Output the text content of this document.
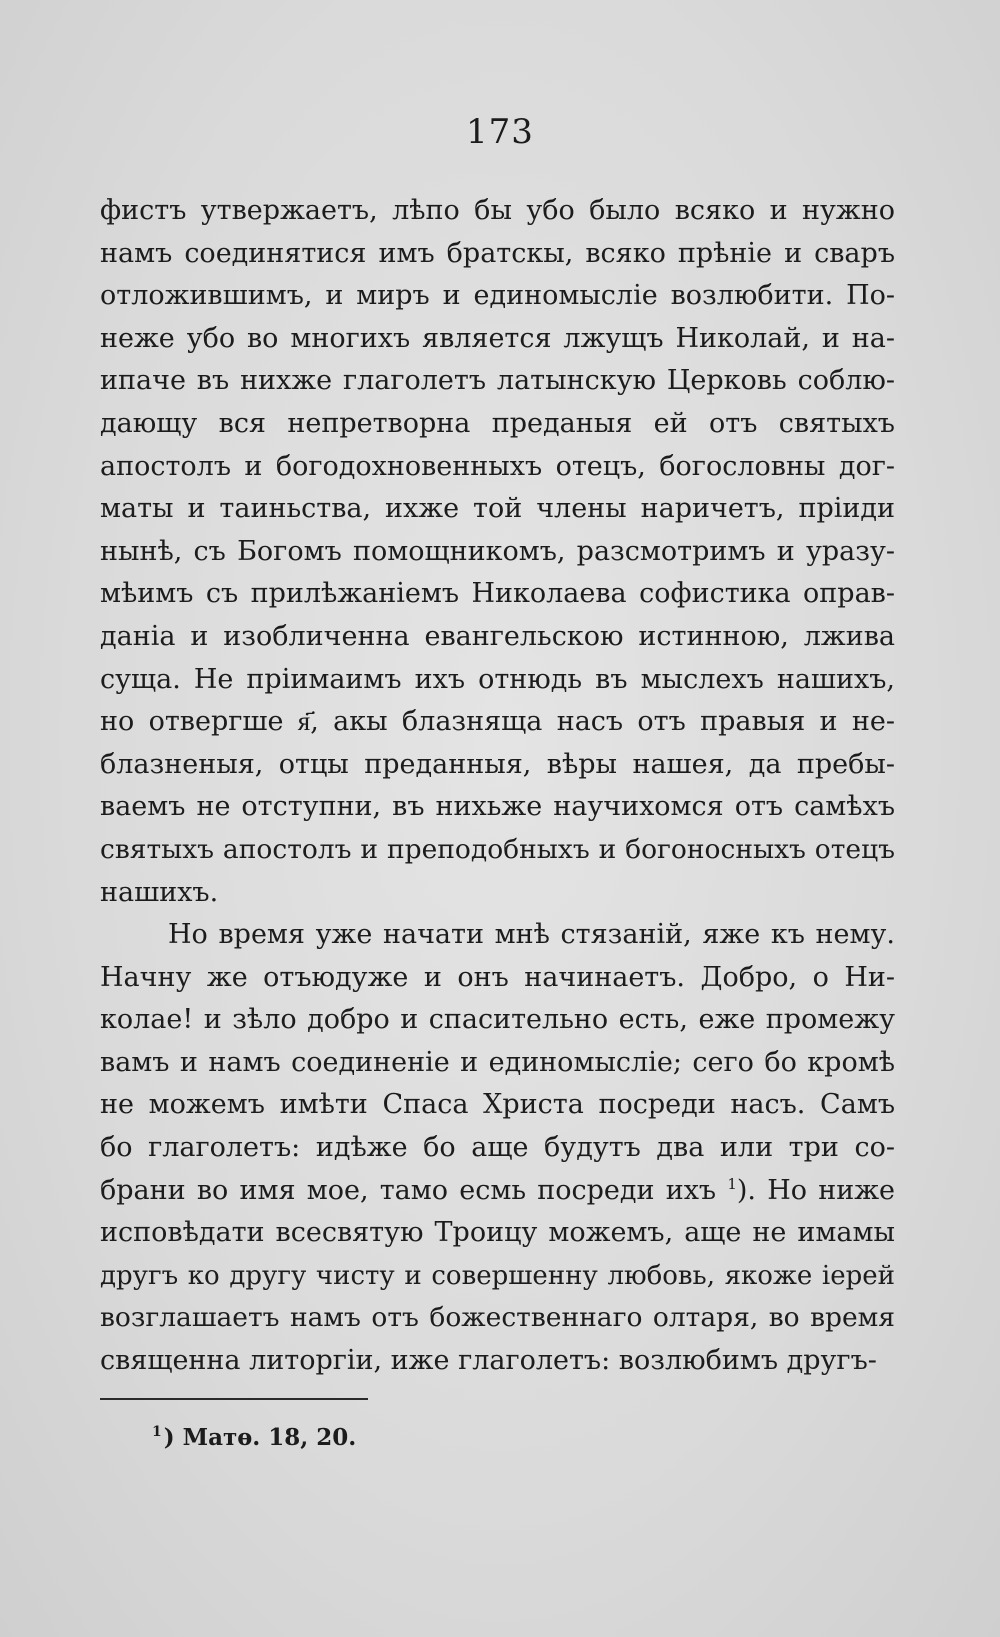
173
фистъ утвержаетъ, лѣпо бы убо было всяко и нужно
намъ соединятися имъ братскы, всяко прѣніе и сваръ
отложившимъ, и миръ и единомысліе возлюбити. По-
неже убо во многихъ является лжущъ Николай, и на-
ипаче въ нихже глаголетъ латынскую Церковь соблю-
дающу вся непретворна преданыя ей отъ святыхъ
апостолъ и богодохновенныхъ отецъ, богословны дог-
маты и таиньства, ихже той члены наричетъ, пріиди
нынѣ, съ Богомъ помощникомъ, разсмотримъ и уразу-
мѣимъ съ прилѣжаніемъ Николаева софистика оправ-
данiа и изобличенна евангельскою истинною, лжива
суща. Не пріимаимъ ихъ отнюдь въ мыслехъ нашихъ,
но отвергше я҃, акы блазняща насъ отъ правыя и не-
блазненыя, отцы преданныя, вѣры нашея, да пребы-
ваемъ не отступни, въ нихьже научихомся отъ самѣхъ
святыхъ апостолъ и преподобныхъ и богоносныхъ отецъ
нашихъ.
Но время уже начати мнѣ стязаній, яже къ нему.
Начну же отъюдуже и онъ начинаетъ. Добро, о Ни-
колае! и зѣло добро и спасительно есть, еже промежу
вамъ и намъ соединеніе и единомысліе; сего бо кромѣ
не можемъ имѣти Спаса Христа посреди насъ. Самъ
бо глаголетъ: идѣже бо аще будутъ два или три со-
брани во имя мое, тамо есмь посреди ихъ $^1$). Но ниже
исповѣдати всесвятую Троицу можемъ, аще не имамы
другъ ко другу чисту и совершенну любовь, якоже іерей
возглашаетъ намъ отъ божественнаго олтаря, во время
священна литоргіи, иже глаголетъ: возлюбимъ другъ-
$^1$) Матѳ. 18, 20.
